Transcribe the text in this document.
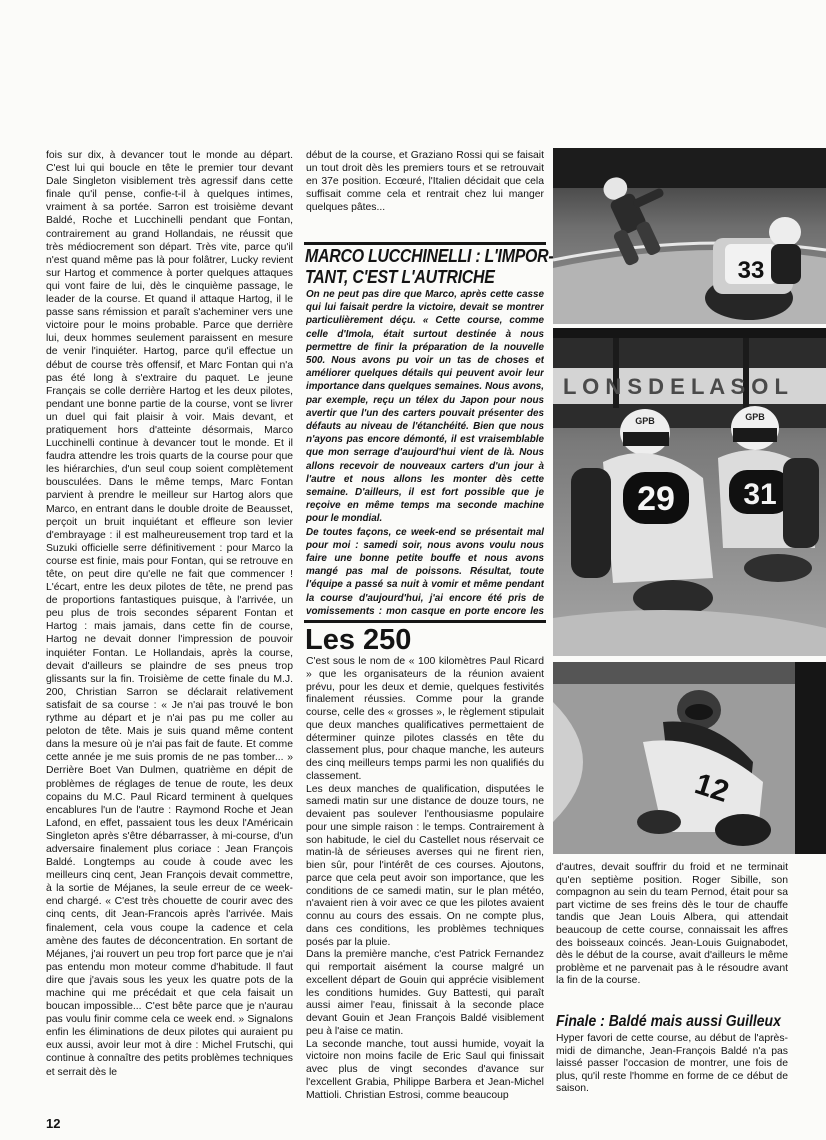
fois sur dix, à devancer tout le monde au départ. C'est lui qui boucle en tête le premier tour devant Dale Singleton visiblement très agressif dans cette finale qu'il pense, confie-t-il à quelques intimes, vraiment à sa portée. Sarron est troisième devant Baldé, Roche et Lucchinelli pendant que Fontan, contrairement au grand Hollandais, ne réussit que très médiocrement son départ. Très vite, parce qu'il n'est quand même pas là pour folâtrer, Lucky revient sur Hartog et commence à porter quelques attaques qui vont faire de lui, dès le cinquième passage, le leader de la course. Et quand il attaque Hartog, il le passe sans rémission et paraît s'acheminer vers une victoire pour le moins probable. Parce que derrière lui, deux hommes seulement paraissent en mesure de venir l'inquiéter. Hartog, parce qu'il effectue un début de course très offensif, et Marc Fontan qui n'a pas été long à s'extraire du paquet. Le jeune Français se colle derrière Hartog et les deux pilotes, pendant une bonne partie de la course, vont se livrer un duel qui fait plaisir à voir. Mais devant, et pratiquement hors d'atteinte désormais, Marco Lucchinelli continue à devancer tout le monde. Et il faudra attendre les trois quarts de la course pour que les hiérarchies, d'un seul coup soient complètement bousculées. Dans le même temps, Marc Fontan parvient à prendre le meilleur sur Hartog alors que Marco, en entrant dans le double droite de Beausset, perçoit un bruit inquiétant et effleure son levier d'embrayage : il est malheureusement trop tard et la Suzuki officielle serre définitivement : pour Marco la course est finie, mais pour Fontan, qui se retrouve en tête, on peut dire qu'elle ne fait que commencer ! L'écart, entre les deux pilotes de tête, ne prend pas de proportions fantastiques puisque, à l'arrivée, un peu plus de trois secondes séparent Fontan et Hartog : mais jamais, dans cette fin de course, Hartog ne devait donner l'impression de pouvoir inquiéter Fontan. Le Hollandais, après la course, devait d'ailleurs se plaindre de ses pneus trop glissants sur la fin. Troisième de cette finale du M.J. 200, Christian Sarron se déclarait relativement satisfait de sa course : « Je n'ai pas trouvé le bon rythme au départ et je n'ai pas pu me coller au peloton de tête. Mais je suis quand même content dans la mesure où je n'ai pas fait de faute. Et comme cette année je me suis promis de ne pas tomber... » Derrière Boet Van Dulmen, quatrième en dépit de problèmes de réglages de tenue de route, les deux copains du M.C. Paul Ricard terminent à quelques encablures l'un de l'autre : Raymond Roche et Jean Lafond, en effet, passaient tous les deux l'Américain Singleton après s'être débarrasser, à mi-course, d'un adversaire finalement plus coriace : Jean François Baldé. Longtemps au coude à coude avec les meilleurs cinq cent, Jean François devait commettre, à la sortie de Méjanes, la seule erreur de ce week-end chargé. « C'est très chouette de courir avec des cinq cents, dit Jean-Francois après l'arrivée. Mais finalement, cela vous coupe la cadence et cela amène des fautes de déconcentration. En sortant de Méjanes, j'ai rouvert un peu trop fort parce que je n'ai pas entendu mon moteur comme d'habitude. Il faut dire que j'avais sous les yeux les quatre pots de la machine qui me précédait et que cela faisait un boucan impossible... C'est bête parce que je n'aurau pas voulu finir comme cela ce week end. » Signalons enfin les éliminations de deux pilotes qui auraient pu eux aussi, avoir leur mot à dire : Michel Frutschi, qui continue à connaître des petits problèmes techniques et serrait dès le

début de la course, et Graziano Rossi qui se faisait un tout droit dès les premiers tours et se retrouvait en 37e position. Ecœuré, l'Italien décidait que cela suffisait comme cela et rentrait chez lui manger quelques pâtes...

MARCO LUCCHINELLI : L'IMPOR-
TANT, C'EST L'AUTRICHE

On ne peut pas dire que Marco, après cette casse qui lui faisait perdre la victoire, devait se montrer particulièrement déçu. « Cette course, comme celle d'Imola, était surtout destinée à nous permettre de finir la préparation de la nouvelle 500. Nous avons pu voir un tas de choses et améliorer quelques détails qui peuvent avoir leur importance dans quelques semaines. Nous avons, par exemple, reçu un télex du Japon pour nous avertir que l'un des carters pouvait présenter des défauts au niveau de l'étanchéité. Bien que nous n'ayons pas encore démonté, il est vraisemblable que mon serrage d'aujourd'hui vient de là. Nous allons recevoir de nouveaux carters d'un jour à l'autre et nous allons les monter dès cette semaine. D'ailleurs, il est fort possible que je reçoive en même temps ma seconde machine pour le mondial.

De toutes façons, ce week-end se présentait mal pour moi : samedi soir, nous avons voulu nous faire une bonne petite bouffe et nous avons mangé pas mal de poissons. Résultat, toute l'équipe a passé sa nuit à vomir et même pendant la course d'aujourd'hui, j'ai encore été pris de vomissements : mon casque en porte encore les

Les 250

C'est sous le nom de « 100 kilomètres Paul Ricard » que les organisateurs de la réunion avaient prévu, pour les deux et demie, quelques festivités finalement réussies. Comme pour la grande course, celle des « grosses », le règlement stipulait que deux manches qualificatives permettaient de déterminer quinze pilotes classés en tête du classement plus, pour chaque manche, les auteurs des cinq meilleurs temps parmi les non qualifiés du classement.

Les deux manches de qualification, disputées le samedi matin sur une distance de douze tours, ne devaient pas soulever l'enthousiasme populaire pour une simple raison : le temps. Contrairement à son habitude, le ciel du Castellet nous réservait ce matin-là de sérieuses averses qui ne firent rien, bien sûr, pour l'intérêt de ces courses. Ajoutons, parce que cela peut avoir son importance, que les conditions de ce samedi matin, sur le plan météo, n'avaient rien à voir avec ce que les pilotes avaient connu au cours des essais. On ne compte plus, dans ces conditions, les problèmes techniques posés par la pluie.

Dans la première manche, c'est Patrick Fernandez qui remportait aisément la course malgré un excellent départ de Gouin qui apprécie visiblement les conditions humides. Guy Battesti, qui paraît aussi aimer l'eau, finissait à la seconde place devant Gouin et Jean François Baldé visiblement peu à l'aise ce matin.

La seconde manche, tout aussi humide, voyait la victoire non moins facile de Eric Saul qui finissait avec plus de vingt secondes d'avance sur l'excellent Grabia, Philippe Barbera et Jean-Michel Mattioli. Christian Estrosi, comme beaucoup

33
L O N S D E L A S O L
GPB
31
GPB
29
12

d'autres, devait souffrir du froid et ne terminait qu'en septième position. Roger Sibille, son compagnon au sein du team Pernod, était pour sa part victime de ses freins dès le tour de chauffe tandis que Jean Louis Albera, qui attendait beaucoup de cette course, connaissait les affres des boisseaux coincés. Jean-Louis Guignabodet, dès le début de la course, avait d'ailleurs le même problème et ne parvenait pas à le résoudre avant la fin de la course.

Finale : Baldé mais aussi Guilleux

Hyper favori de cette course, au début de l'après-midi de dimanche, Jean-François Baldé n'a pas laissé passer l'occasion de montrer, une fois de plus, qu'il reste l'homme en forme de ce début de saison.

12
